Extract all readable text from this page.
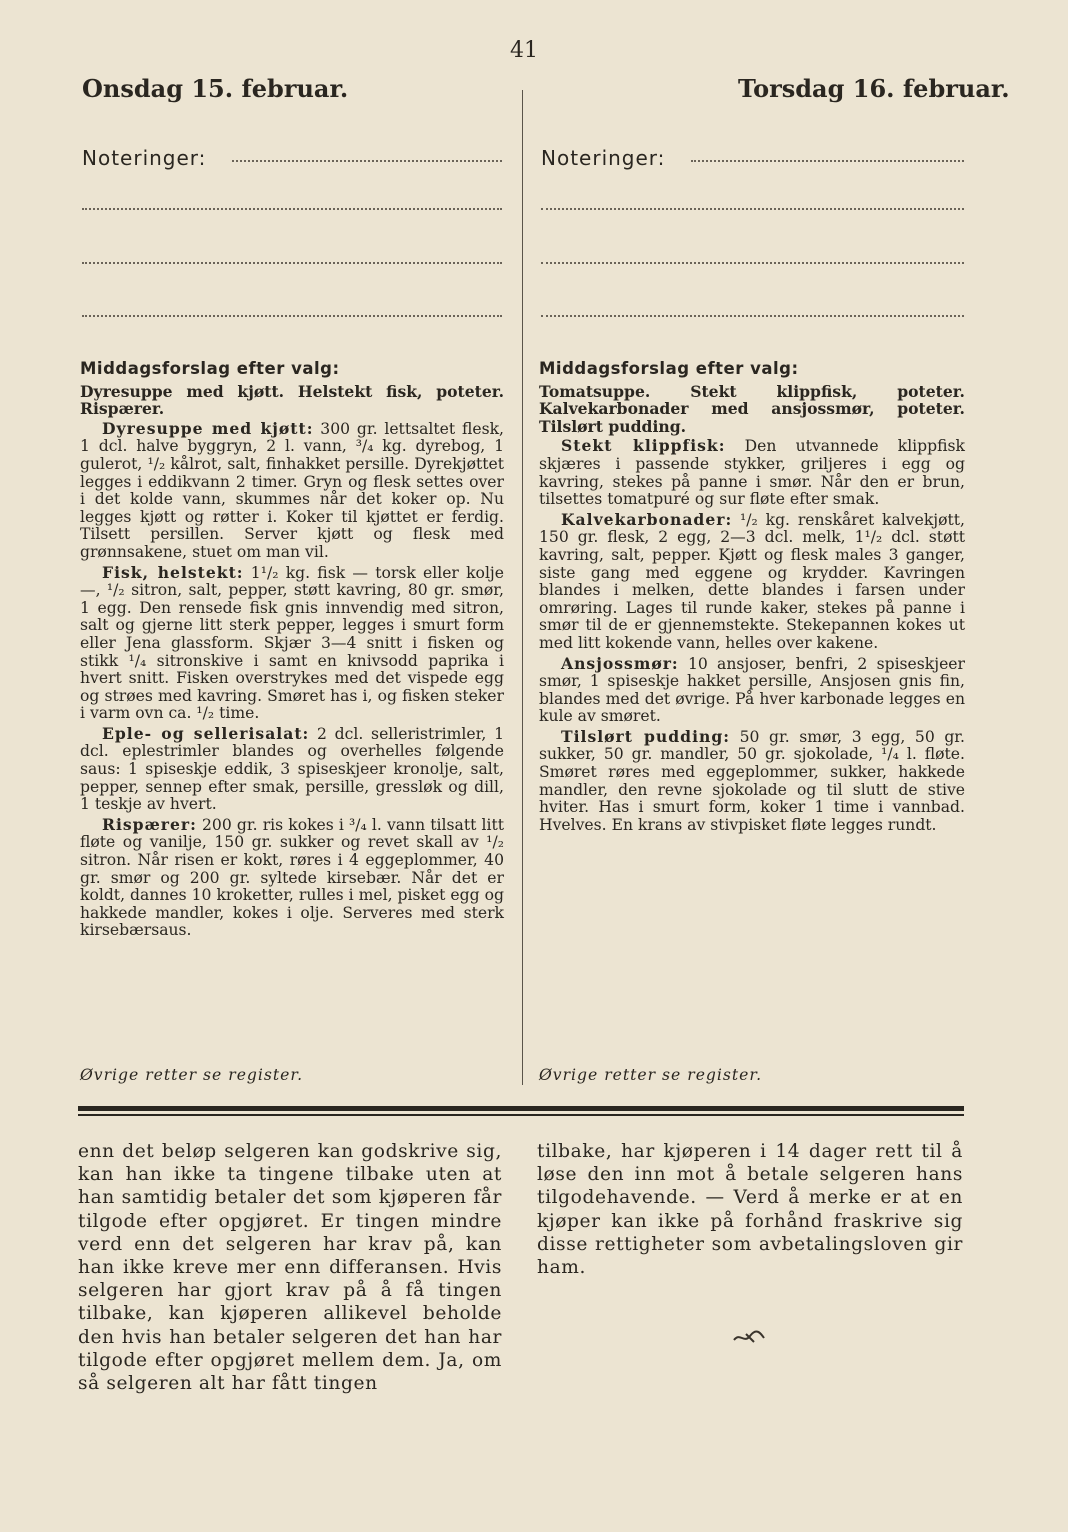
41
Onsdag 15. februar.
Noteringer:
Torsdag 16. februar.
Noteringer:
Middagsforslag efter valg:

Dyresuppe med kjøtt. Helstekt fisk, poteter. Rispærer.

Dyresuppe med kjøtt: 300 gr. lettsaltet flesk, 1 dcl. halve byggryn, 2 l. vann, ³/₄ kg. dyrebog, 1 gulerot, ¹/₂ kålrot, salt, finhakket persille. Dyrekjøttet legges i eddikvann 2 timer. Gryn og flesk settes over i det kolde vann, skummes når det koker op. Nu legges kjøtt og røtter i. Koker til kjøttet er ferdig. Tilsett persillen. Server kjøtt og flesk med grønnsakene, stuet om man vil.

Fisk, helstekt: 1¹/₂ kg. fisk — torsk eller kolje —, ¹/₂ sitron, salt, pepper, støtt kavring, 80 gr. smør, 1 egg. Den rensede fisk gnis innvendig med sitron, salt og gjerne litt sterk pepper, legges i smurt form eller Jena glassform. Skjær 3—4 snitt i fisken og stikk ¹/₄ sitronskive i samt en knivsodd paprika i hvert snitt. Fisken overstrykes med det vispede egg og strøes med kavring. Smøret has i, og fisken steker i varm ovn ca. ¹/₂ time.

Eple- og sellerisalat: 2 dcl. selleristrimler, 1 dcl. eplestrimler blandes og overhelles følgende saus: 1 spiseskje eddik, 3 spiseskjeer kronolje, salt, pepper, sennep efter smak, persille, gressløk og dill, 1 teskje av hvert.

Rispærer: 200 gr. ris kokes i ³/₄ l. vann tilsatt litt fløte og vanilje, 150 gr. sukker og revet skall av ¹/₂ sitron. Når risen er kokt, røres i 4 eggeplommer, 40 gr. smør og 200 gr. syltede kirsebær. Når det er koldt, dannes 10 kroketter, rulles i mel, pisket egg og hakkede mandler, kokes i olje. Serveres med sterk kirsebærsaus.

Øvrige retter se register.
Middagsforslag efter valg:

Tomatsuppe. Stekt klippfisk, poteter. Kalvekarbonader med ansjossmør, poteter. Tilslørt pudding.

Stekt klippfisk: Den utvannede klippfisk skjæres i passende stykker, grilјeres i egg og kavring, stekes på panne i smør. Når den er brun, tilsettes tomatpuré og sur fløte efter smak.

Kalvekarbonader: ¹/₂ kg. renskåret kalvekjøtt, 150 gr. flesk, 2 egg, 2—3 dcl. melk, 1¹/₂ dcl. støtt kavring, salt, pepper. Kjøtt og flesk males 3 ganger, siste gang med eggene og krydder. Kavringen blandes i melken, dette blandes i farsen under omrøring. Lages til runde kaker, stekes på panne i smør til de er gjennemstekte. Stekepannen kokes ut med litt kokende vann, helles over kakene.

Ansjossmør: 10 ansjoser, benfri, 2 spiseskjeer smør, 1 spiseskje hakket persille, Ansjosen gnis fin, blandes med det øvrige. På hver karbonade legges en kule av smøret.

Tilslørt pudding: 50 gr. smør, 3 egg, 50 gr. sukker, 50 gr. mandler, 50 gr. sjokolade, ¹/₄ l. fløte. Smøret røres med eggeplommer, sukker, hakkede mandler, den revne sjokolade og til slutt de stive hviter. Has i smurt form, koker 1 time i vannbad. Hvelves. En krans av stivpisket fløte legges rundt.

Øvrige retter se register.

enn det beløp selgeren kan godskrive sig, kan han ikke ta tingene tilbake uten at han samtidig betaler det som kjøperen får tilgode efter opgjøret. Er tingen mindre verd enn det selgeren har krav på, kan han ikke kreve mer enn differansen. Hvis selgeren har gjort krav på å få tingen tilbake, kan kjøperen allikevel beholde den hvis han betaler selgeren det han har tilgode efter opgjøret mellem dem. Ja, om så selgeren alt har fått tingen

tilbake, har kjøperen i 14 dager rett til å løse den inn mot å betale selgeren hans tilgodehavende. — Verd å merke er at en kjøper kan ikke på forhånd fraskrive sig disse rettigheter som avbetalingsloven gir ham.
